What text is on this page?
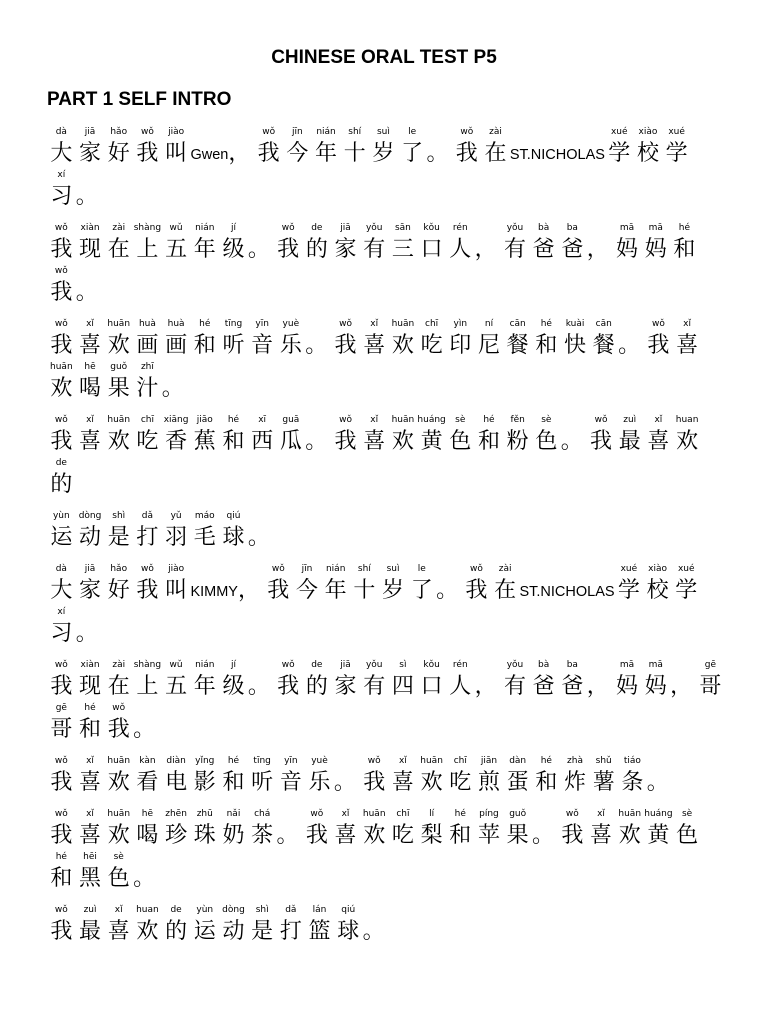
CHINESE ORAL TEST P5
PART 1 SELF INTRO
dà
大
jiā
家
hǎo
好
wǒ
我
jiào
叫 Gwen ，
wǒ
我
jīn
今
nián
年
shí
十
suì
岁
le
了 。
wǒ
我
zài
在 ST.NICHOLAS
xué
学
xiào
校
xué
学
xí
习 。
wǒ
我
xiàn
现
zài
在
shàng
上
wǔ
五
nián
年
jí
级 。
wǒ
我
de
的
jiā
家
yǒu
有
sān
三
kǒu
口
rén
人 ，
yǒu
有
bà
爸
ba
爸 ，
mā
妈
mā
妈
hé
和
wǒ
我 。
wǒ
我
xǐ
喜
huān
欢
huà
画
huà
画
hé
和
tīng
听
yīn
音
yuè
乐 。
wǒ
我
xǐ
喜
huān
欢
chī
吃
yìn
印
ní
尼
cān
餐
hé
和
kuài
快
cān
餐 。
wǒ
我
xǐ
喜
huān
欢
hē
喝
guǒ
果
zhī
汁 。
wǒ
我
xǐ
喜
huān
欢
chī
吃
xiāng
香
jiāo
蕉
hé
和
xī
西
guā
瓜 。
wǒ
我
xǐ
喜
huān
欢
huáng
黄
sè
色
hé
和
fěn
粉
sè
色 。
wǒ
我
zuì
最
xǐ
喜
huan
欢
de
的
yùn
运
dòng
动
shì
是
dǎ
打
yǔ
羽
máo
毛
qiú
球 。
dà
大
jiā
家
hǎo
好
wǒ
我
jiào
叫 KIMMY ，
wǒ
我
jīn
今
nián
年
shí
十
suì
岁
le
了 。
wǒ
我
zài
在 ST.NICHOLAS
xué
学
xiào
校
xué
学
xí
习 。
wǒ
我
xiàn
现
zài
在
shàng
上
wǔ
五
nián
年
jí
级 。
wǒ
我
de
的
jiā
家
yǒu
有
sì
四
kǒu
口
rén
人 ，
yǒu
有
bà
爸
ba
爸 ，
mā
妈
mā
妈 ，
gē
哥
gē
哥
hé
和
wǒ
我 。
wǒ
我
xǐ
喜
huān
欢
kàn
看
diàn
电
yǐng
影
hé
和
tīng
听
yīn
音
yuè
乐 。
wǒ
我
xǐ
喜
huān
欢
chī
吃
jiān
煎
dàn
蛋
hé
和
zhà
炸
shǔ
薯
tiáo
条 。
wǒ
我
xǐ
喜
huān
欢
hē
喝
zhēn
珍
zhū
珠
nǎi
奶
chá
茶 。
wǒ
我
xǐ
喜
huān
欢
chī
吃
lí
梨
hé
和
píng
苹
guǒ
果 。
wǒ
我
xǐ
喜
huān
欢
huáng
黄
sè
色
hé
和
hēi
黑
sè
色 。
wǒ
我
zuì
最
xǐ
喜
huan
欢
de
的
yùn
运
dòng
动
shì
是
dǎ
打
lán
篮
qiú
球 。
